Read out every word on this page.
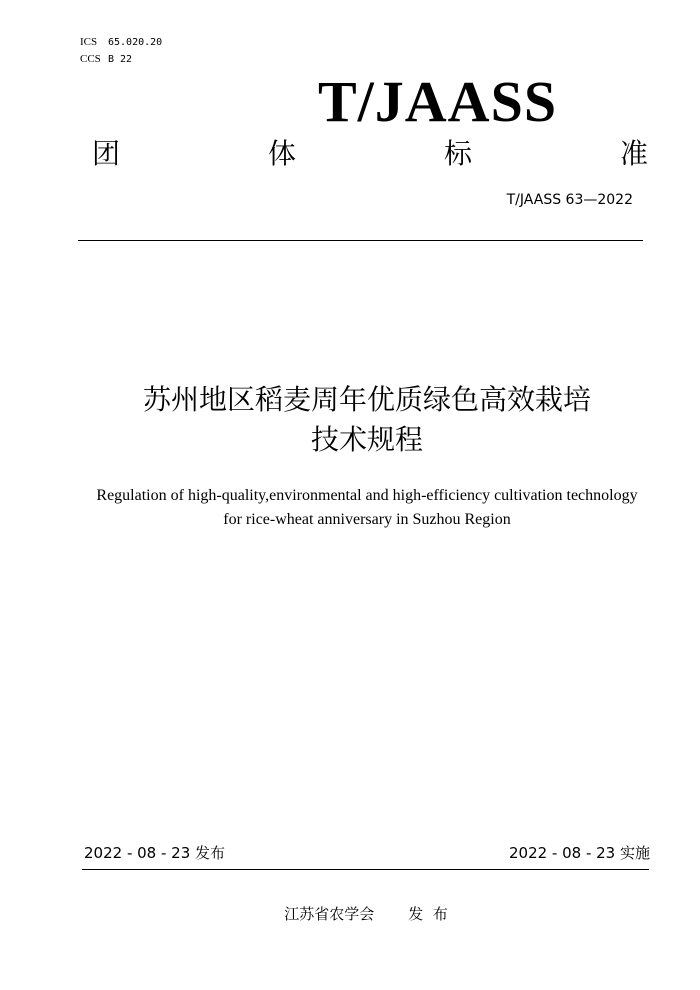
ICS	65.020.20
CCS B 22
T/JAASS
团	体	标	准
T/JAASS 63—2022
苏州地区稻麦周年优质绿色高效栽培
技术规程
Regulation of high-quality,environmental and high-efficiency cultivation technology
for rice-wheat anniversary in Suzhou Region
2022 - 08 - 23 发布	2022 - 08 - 23 实施
江苏省农学会 发  布
